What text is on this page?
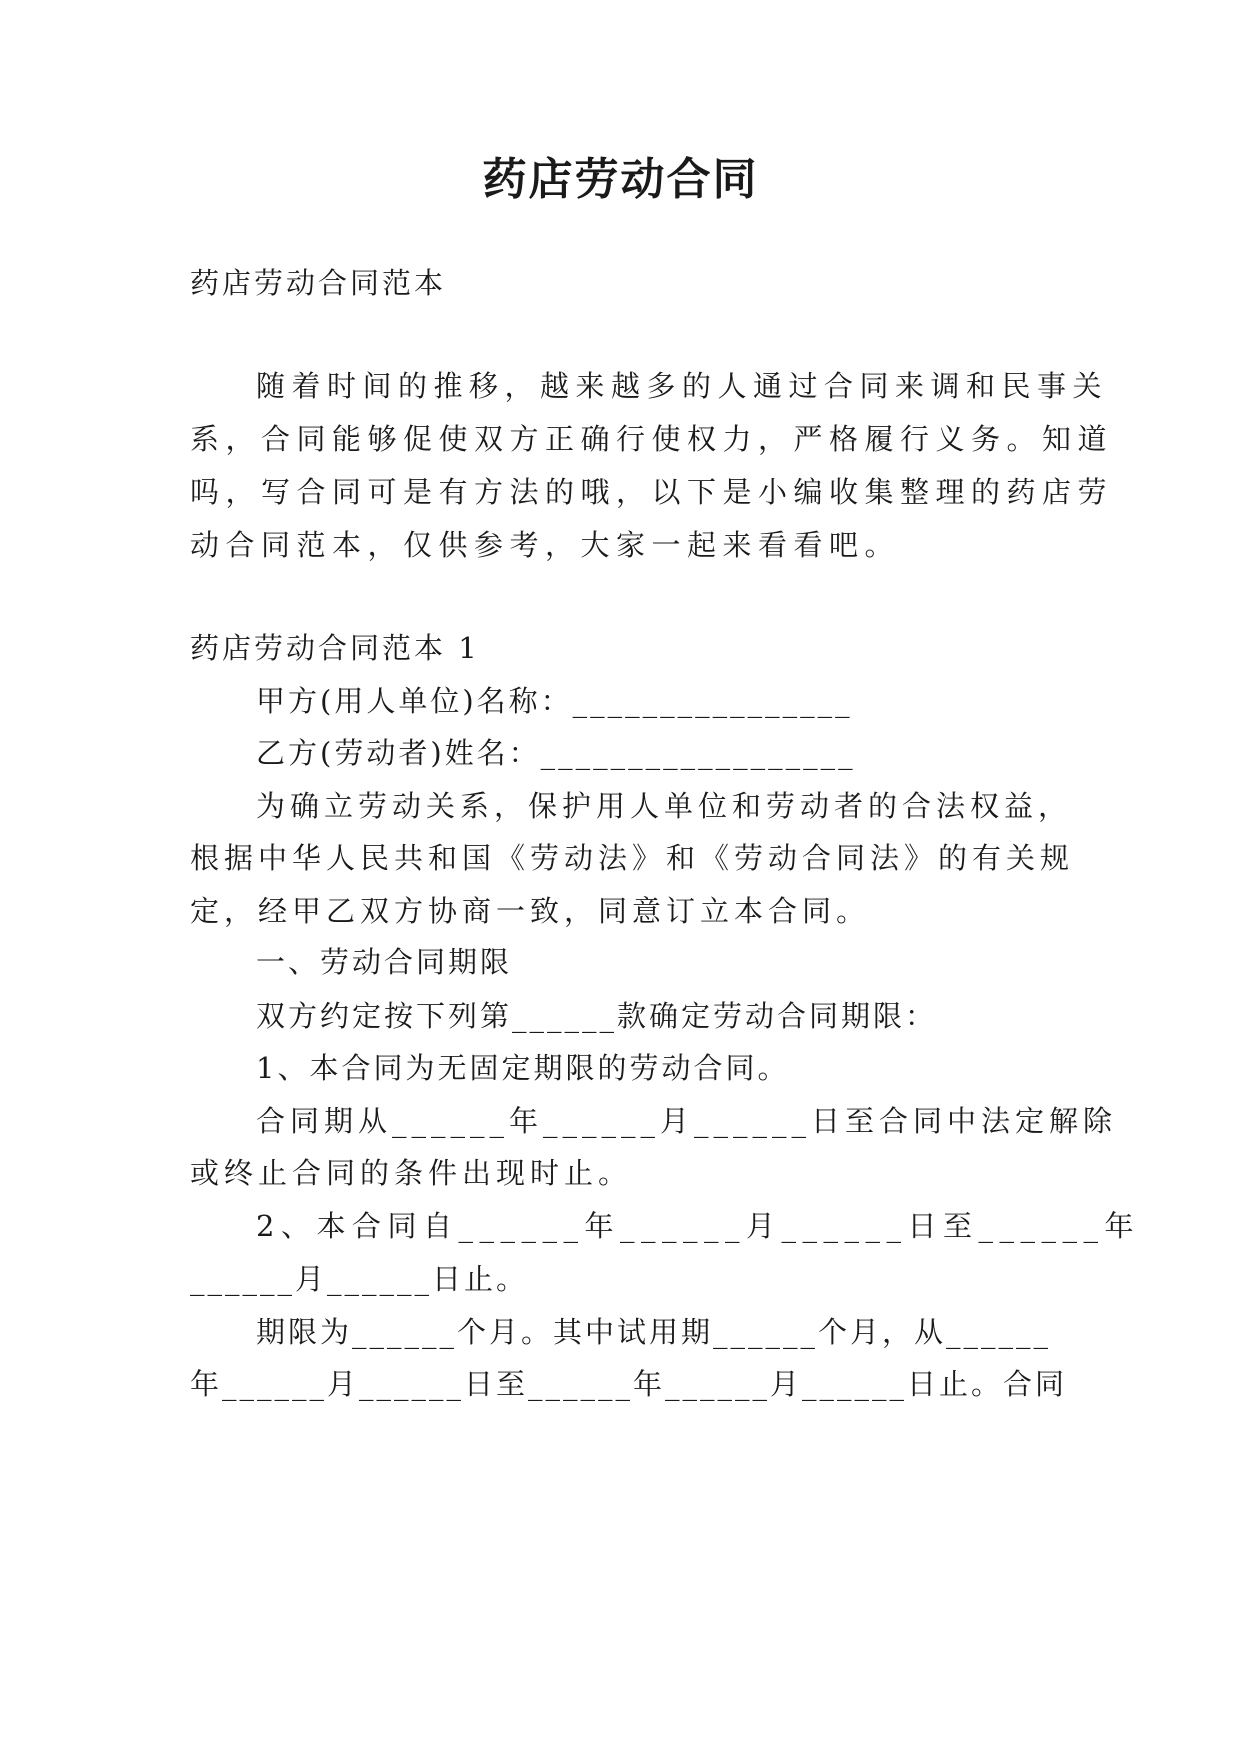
药店劳动合同

药店劳动合同范本

随着时间的推移，越来越多的人通过合同来调和民事关

系，合同能够促使双方正确行使权力，严格履行义务。知道

吗，写合同可是有方法的哦，以下是小编收集整理的药店劳

动合同范本，仅供参考，大家一起来看看吧。

药店劳动合同范本 1

甲方(用人单位)名称：________________

乙方(劳动者)姓名：__________________

为确立劳动关系，保护用人单位和劳动者的合法权益，

根据中华人民共和国《劳动法》和《劳动合同法》的有关规

定，经甲乙双方协商一致，同意订立本合同。

一、劳动合同期限

双方约定按下列第______款确定劳动合同期限：

1、本合同为无固定期限的劳动合同。

合同期从______年______月______日至合同中法定解除

或终止合同的条件出现时止。

2、本合同自______年______月______日至______年

______月______日止。

期限为______个月。其中试用期______个月，从______

年______月______日至______年______月______日止。合同
